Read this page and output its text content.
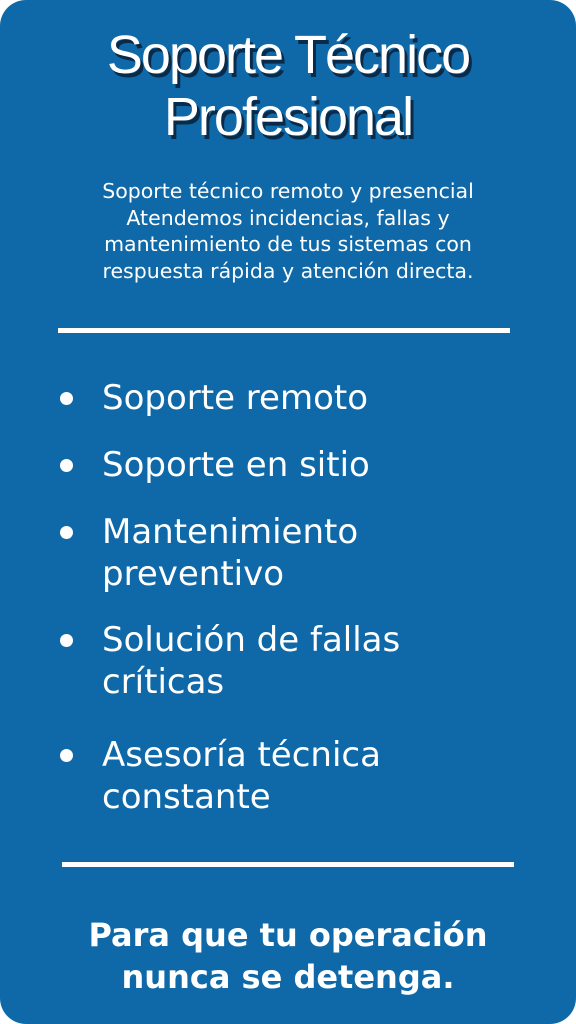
Soporte Técnico
Profesional
Soporte técnico remoto y presencial
Atendemos incidencias, fallas y
mantenimiento de tus sistemas con
respuesta rápida y atención directa.
Soporte remoto
Soporte en sitio
Mantenimiento
preventivo
Solución de fallas
críticas
Asesoría técnica
constante
Para que tu operación
nunca se detenga.
